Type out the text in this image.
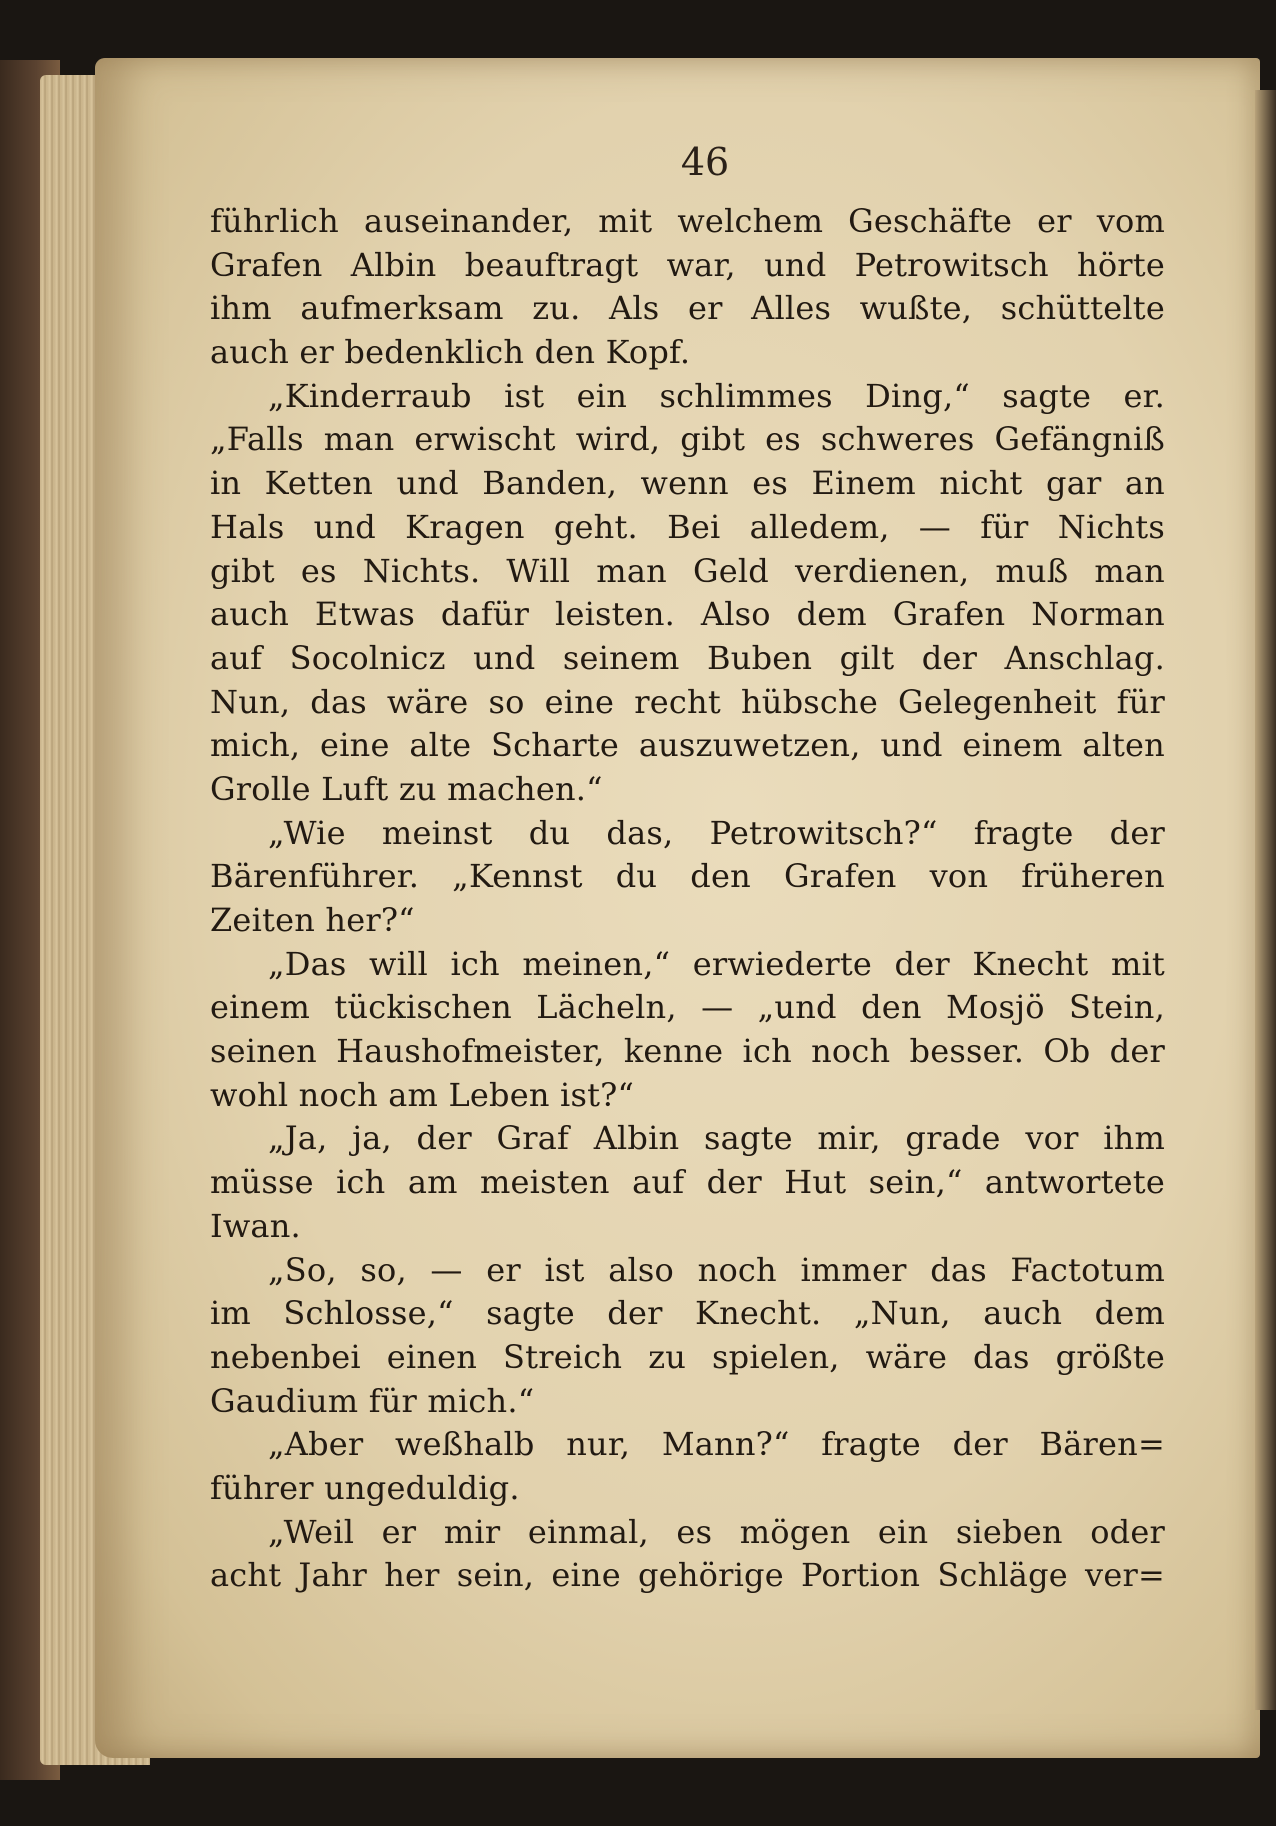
46

führlich auseinander, mit welchem Geschäfte er vom
Grafen Albin beauftragt war, und Petrowitsch hörte
ihm aufmerksam zu. Als er Alles wußte, schüttelte
auch er bedenklich den Kopf.
„Kinderraub ist ein schlimmes Ding,“ sagte er.
„Falls man erwischt wird, gibt es schweres Gefängniß
in Ketten und Banden, wenn es Einem nicht gar an
Hals und Kragen geht. Bei alledem, — für Nichts
gibt es Nichts. Will man Geld verdienen, muß man
auch Etwas dafür leisten. Also dem Grafen Norman
auf Socolnicz und seinem Buben gilt der Anschlag.
Nun, das wäre so eine recht hübsche Gelegenheit für
mich, eine alte Scharte auszuwetzen, und einem alten
Grolle Luft zu machen.“
„Wie meinst du das, Petrowitsch?“ fragte der
Bärenführer. „Kennst du den Grafen von früheren
Zeiten her?“
„Das will ich meinen,“ erwiederte der Knecht mit
einem tückischen Lächeln, — „und den Mosjö Stein,
seinen Haushofmeister, kenne ich noch besser. Ob der
wohl noch am Leben ist?“
„Ja, ja, der Graf Albin sagte mir, grade vor ihm
müsse ich am meisten auf der Hut sein,“ antwortete
Iwan.
„So, so, — er ist also noch immer das Factotum
im Schlosse,“ sagte der Knecht. „Nun, auch dem
nebenbei einen Streich zu spielen, wäre das größte
Gaudium für mich.“
„Aber weßhalb nur, Mann?“ fragte der Bären=
führer ungeduldig.
„Weil er mir einmal, es mögen ein sieben oder
acht Jahr her sein, eine gehörige Portion Schläge ver=
